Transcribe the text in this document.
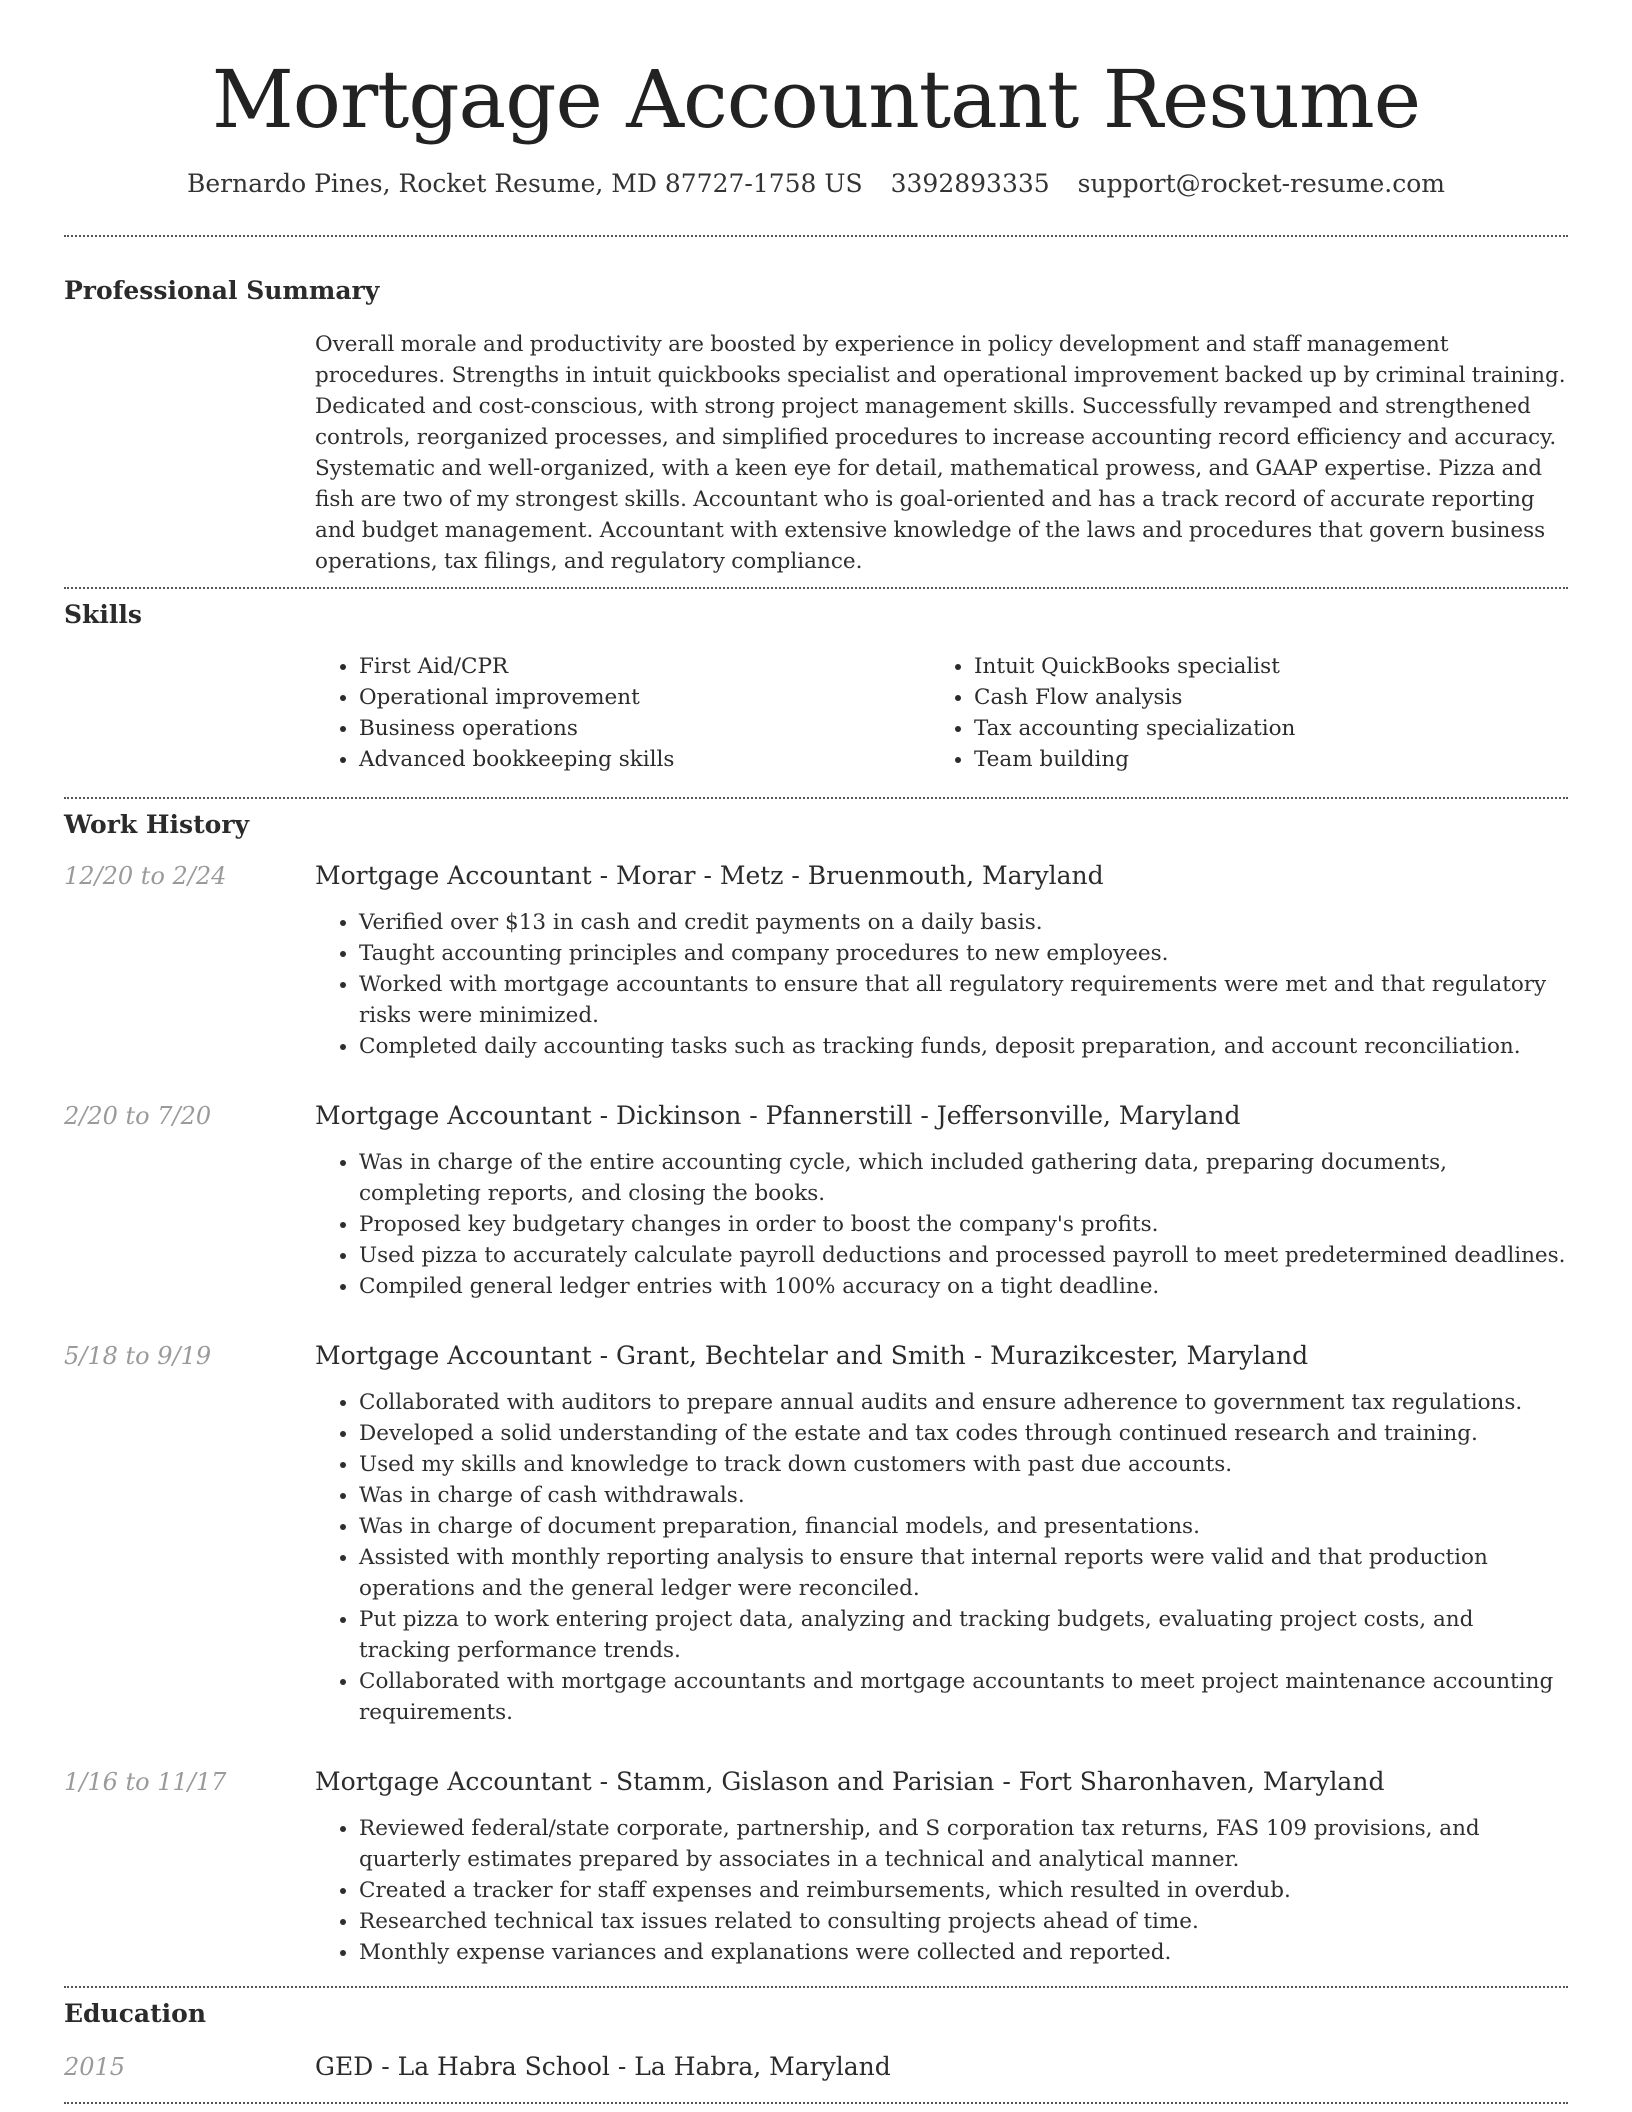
Mortgage Accountant Resume
Bernardo Pines, Rocket Resume, MD 87727-1758 US 3392893335 support@rocket-resume.com
Professional Summary

Overall morale and productivity are boosted by experience in policy development and staff management procedures. Strengths in intuit quickbooks specialist and operational improvement backed up by criminal training. Dedicated and cost-conscious, with strong project management skills. Successfully revamped and strengthened controls, reorganized processes, and simplified procedures to increase accounting record efficiency and accuracy. Systematic and well-organized, with a keen eye for detail, mathematical prowess, and GAAP expertise. Pizza and fish are two of my strongest skills. Accountant who is goal-oriented and has a track record of accurate reporting and budget management. Accountant with extensive knowledge of the laws and procedures that govern business operations, tax filings, and regulatory compliance.

Skills
• First Aid/CPR
• Operational improvement
• Business operations
• Advanced bookkeeping skills
• Intuit QuickBooks specialist
• Cash Flow analysis
• Tax accounting specialization
• Team building
Work History
12/20 to 2/24	Mortgage Accountant - Morar - Metz - Bruenmouth, Maryland
• Verified over $13 in cash and credit payments on a daily basis.
• Taught accounting principles and company procedures to new employees.
• Worked with mortgage accountants to ensure that all regulatory requirements were met and that regulatory risks were minimized.
• Completed daily accounting tasks such as tracking funds, deposit preparation, and account reconciliation.
2/20 to 7/20	Mortgage Accountant - Dickinson - Pfannerstill - Jeffersonville, Maryland
• Was in charge of the entire accounting cycle, which included gathering data, preparing documents, completing reports, and closing the books.
• Proposed key budgetary changes in order to boost the company's profits.
• Used pizza to accurately calculate payroll deductions and processed payroll to meet predetermined deadlines.
• Compiled general ledger entries with 100% accuracy on a tight deadline.
5/18 to 9/19	Mortgage Accountant - Grant, Bechtelar and Smith - Murazikcester, Maryland
• Collaborated with auditors to prepare annual audits and ensure adherence to government tax regulations.
• Developed a solid understanding of the estate and tax codes through continued research and training.
• Used my skills and knowledge to track down customers with past due accounts.
• Was in charge of cash withdrawals.
• Was in charge of document preparation, financial models, and presentations.
• Assisted with monthly reporting analysis to ensure that internal reports were valid and that production operations and the general ledger were reconciled.
• Put pizza to work entering project data, analyzing and tracking budgets, evaluating project costs, and tracking performance trends.
• Collaborated with mortgage accountants and mortgage accountants to meet project maintenance accounting requirements.
1/16 to 11/17	Mortgage Accountant - Stamm, Gislason and Parisian - Fort Sharonhaven, Maryland
• Reviewed federal/state corporate, partnership, and S corporation tax returns, FAS 109 provisions, and quarterly estimates prepared by associates in a technical and analytical manner.
• Created a tracker for staff expenses and reimbursements, which resulted in overdub.
• Researched technical tax issues related to consulting projects ahead of time.
• Monthly expense variances and explanations were collected and reported.
Education
2015	GED - La Habra School - La Habra, Maryland
